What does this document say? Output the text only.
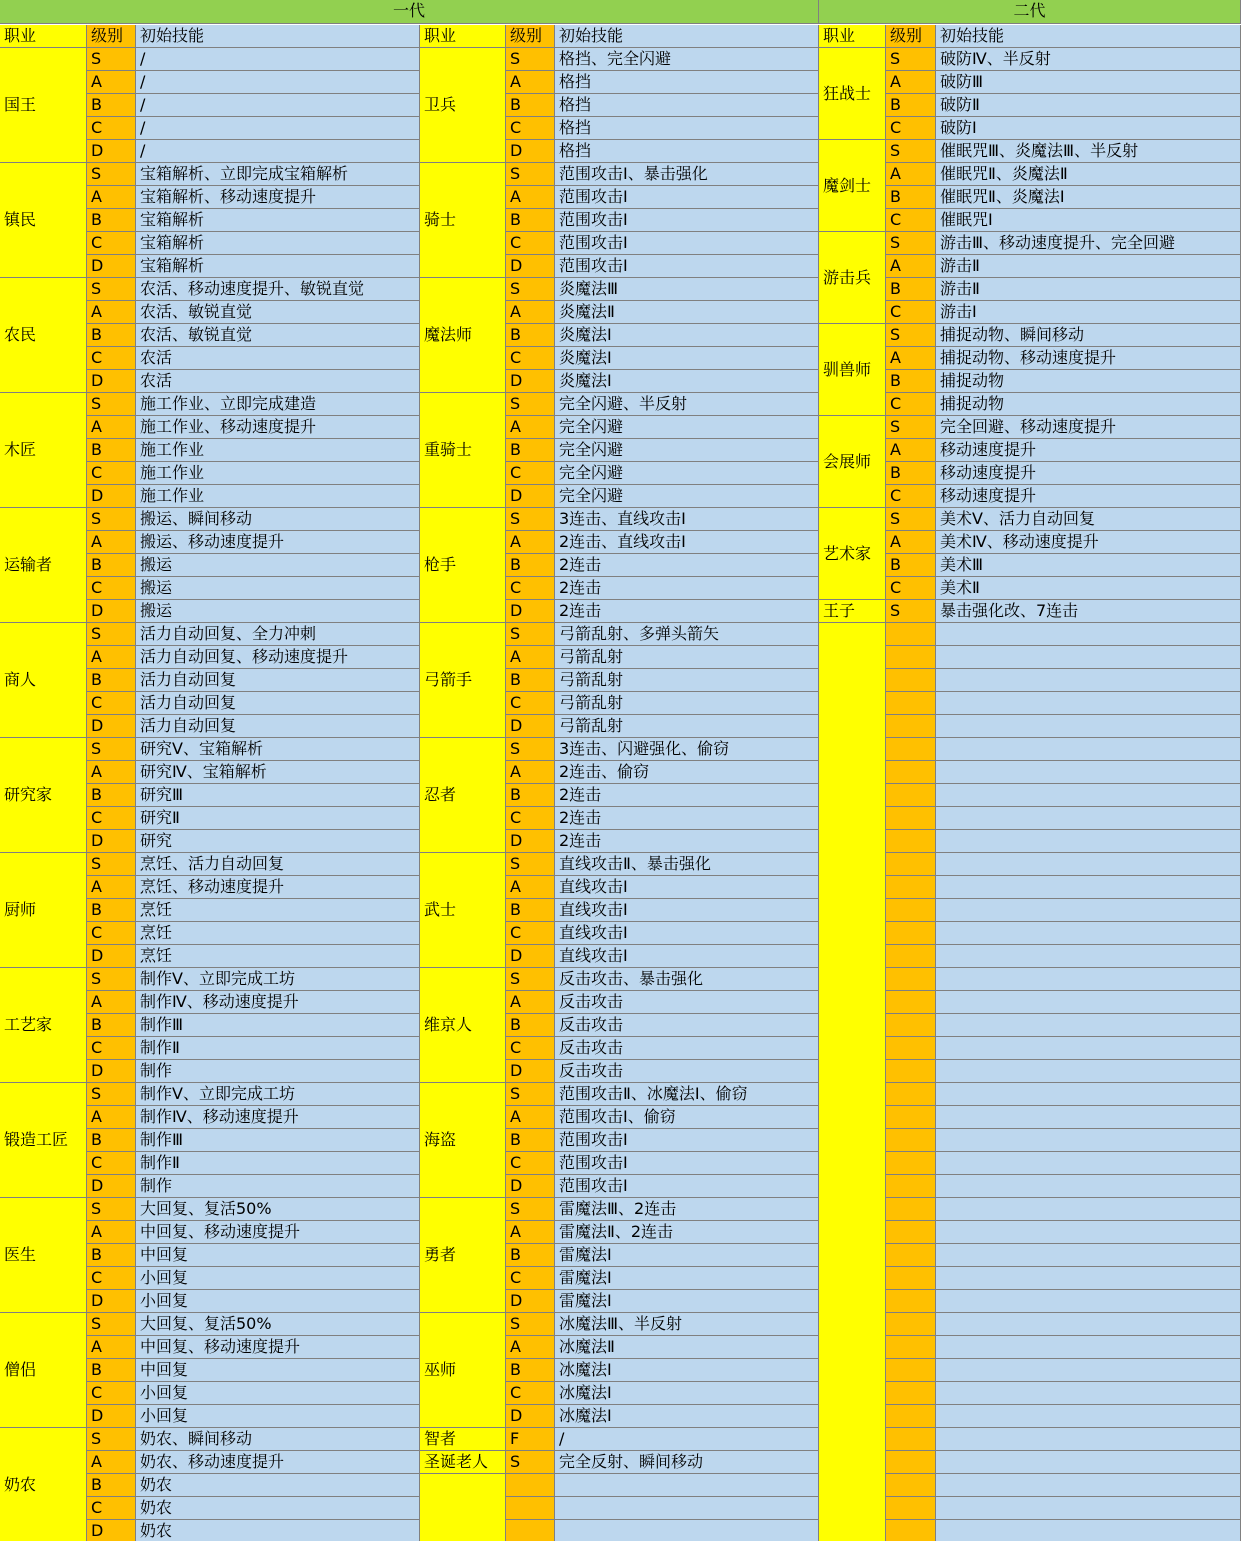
一代	二代
职业	级别	初始技能
国王
S	/
A	/
B	/
C	/
D	/
镇民
S	宝箱解析、立即完成宝箱解析
A	宝箱解析、移动速度提升
B	宝箱解析
C	宝箱解析
D	宝箱解析
农民
S	农活、移动速度提升、敏锐直觉
A	农活、敏锐直觉
B	农活、敏锐直觉
C	农活
D	农活
木匠
S	施工作业、立即完成建造
A	施工作业、移动速度提升
B	施工作业
C	施工作业
D	施工作业
运输者
S	搬运、瞬间移动
A	搬运、移动速度提升
B	搬运
C	搬运
D	搬运
商人
S	活力自动回复、全力冲刺
A	活力自动回复、移动速度提升
B	活力自动回复
C	活力自动回复
D	活力自动回复
研究家
S	研究Ⅴ、宝箱解析
A	研究Ⅳ、宝箱解析
B	研究Ⅲ
C	研究Ⅱ
D	研究
厨师
S	烹饪、活力自动回复
A	烹饪、移动速度提升
B	烹饪
C	烹饪
D	烹饪
工艺家
S	制作Ⅴ、立即完成工坊
A	制作Ⅳ、移动速度提升
B	制作Ⅲ
C	制作Ⅱ
D	制作
锻造工匠
S	制作Ⅴ、立即完成工坊
A	制作Ⅳ、移动速度提升
B	制作Ⅲ
C	制作Ⅱ
D	制作
医生
S	大回复、复活50%
A	中回复、移动速度提升
B	中回复
C	小回复
D	小回复
僧侣
S	大回复、复活50%
A	中回复、移动速度提升
B	中回复
C	小回复
D	小回复
奶农
S	奶农、瞬间移动
A	奶农、移动速度提升
B	奶农
C	奶农
D	奶农
职业	级别	初始技能
卫兵
S	格挡、完全闪避
A	格挡
B	格挡
C	格挡
D	格挡
骑士
S	范围攻击Ⅰ、暴击强化
A	范围攻击Ⅰ
B	范围攻击Ⅰ
C	范围攻击Ⅰ
D	范围攻击Ⅰ
魔法师
S	炎魔法Ⅲ
A	炎魔法Ⅱ
B	炎魔法Ⅰ
C	炎魔法Ⅰ
D	炎魔法Ⅰ
重骑士
S	完全闪避、半反射
A	完全闪避
B	完全闪避
C	完全闪避
D	完全闪避
枪手
S	3连击、直线攻击Ⅰ
A	2连击、直线攻击Ⅰ
B	2连击
C	2连击
D	2连击
弓箭手
S	弓箭乱射、多弹头箭矢
A	弓箭乱射
B	弓箭乱射
C	弓箭乱射
D	弓箭乱射
忍者
S	3连击、闪避强化、偷窃
A	2连击、偷窃
B	2连击
C	2连击
D	2连击
武士
S	直线攻击Ⅱ、暴击强化
A	直线攻击Ⅰ
B	直线攻击Ⅰ
C	直线攻击Ⅰ
D	直线攻击Ⅰ
维京人
S	反击攻击、暴击强化
A	反击攻击
B	反击攻击
C	反击攻击
D	反击攻击
海盗
S	范围攻击Ⅱ、冰魔法Ⅰ、偷窃
A	范围攻击Ⅰ、偷窃
B	范围攻击Ⅰ
C	范围攻击Ⅰ
D	范围攻击Ⅰ
勇者
S	雷魔法Ⅲ、2连击
A	雷魔法Ⅱ、2连击
B	雷魔法Ⅰ
C	雷魔法Ⅰ
D	雷魔法Ⅰ
巫师
S	冰魔法Ⅲ、半反射
A	冰魔法Ⅱ
B	冰魔法Ⅰ
C	冰魔法Ⅰ
D	冰魔法Ⅰ
智者	F	/
圣诞老人 S	完全反射、瞬间移动
职业	级别	初始技能
狂战士
S	破防Ⅳ、半反射
A	破防Ⅲ
B	破防Ⅱ
C	破防Ⅰ
魔剑士
S	催眠咒Ⅲ、炎魔法Ⅲ、半反射
A	催眠咒Ⅱ、炎魔法Ⅱ
B	催眠咒Ⅱ、炎魔法Ⅰ
C	催眠咒Ⅰ
游击兵
S	游击Ⅲ、移动速度提升、完全回避
A	游击Ⅱ
B	游击Ⅱ
C	游击Ⅰ
驯兽师
S	捕捉动物、瞬间移动
A	捕捉动物、移动速度提升
B	捕捉动物
C	捕捉动物
会展师
S	完全回避、移动速度提升
A	移动速度提升
B	移动速度提升
C	移动速度提升
艺术家
S	美术Ⅴ、活力自动回复
A	美术Ⅳ、移动速度提升
B	美术Ⅲ
C	美术Ⅱ
王子 S	暴击强化改、7连击
